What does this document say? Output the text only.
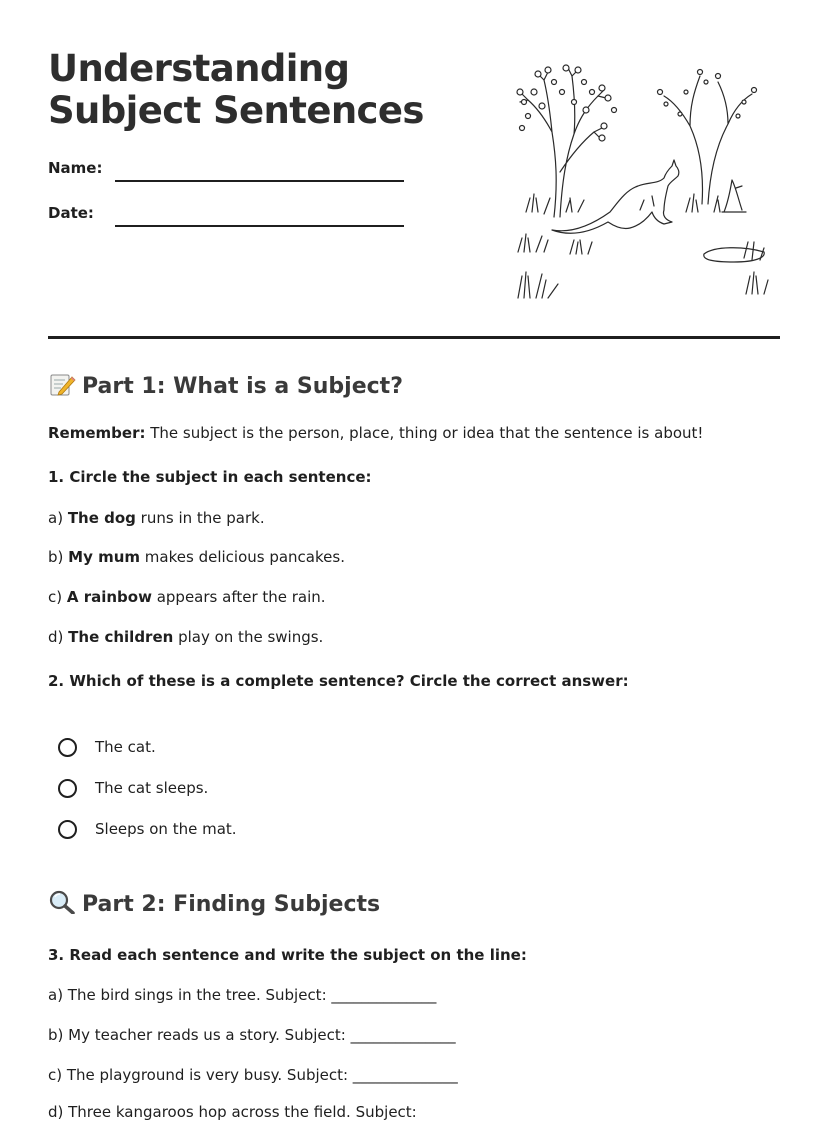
Understanding Subject Sentences
Name:
Date:
Part 1: What is a Subject?
Remember: The subject is the person, place, thing or idea that the sentence is about!
1. Circle the subject in each sentence:
a) The dog runs in the park.
b) My mum makes delicious pancakes.
c) A rainbow appears after the rain.
d) The children play on the swings.
2. Which of these is a complete sentence? Circle the correct answer:
The cat.
The cat sleeps.
Sleeps on the mat.
Part 2: Finding Subjects
3. Read each sentence and write the subject on the line:
a) The bird sings in the tree. Subject: ______________
b) My teacher reads us a story. Subject: ______________
c) The playground is very busy. Subject: ______________
d) Three kangaroos hop across the field. Subject:
